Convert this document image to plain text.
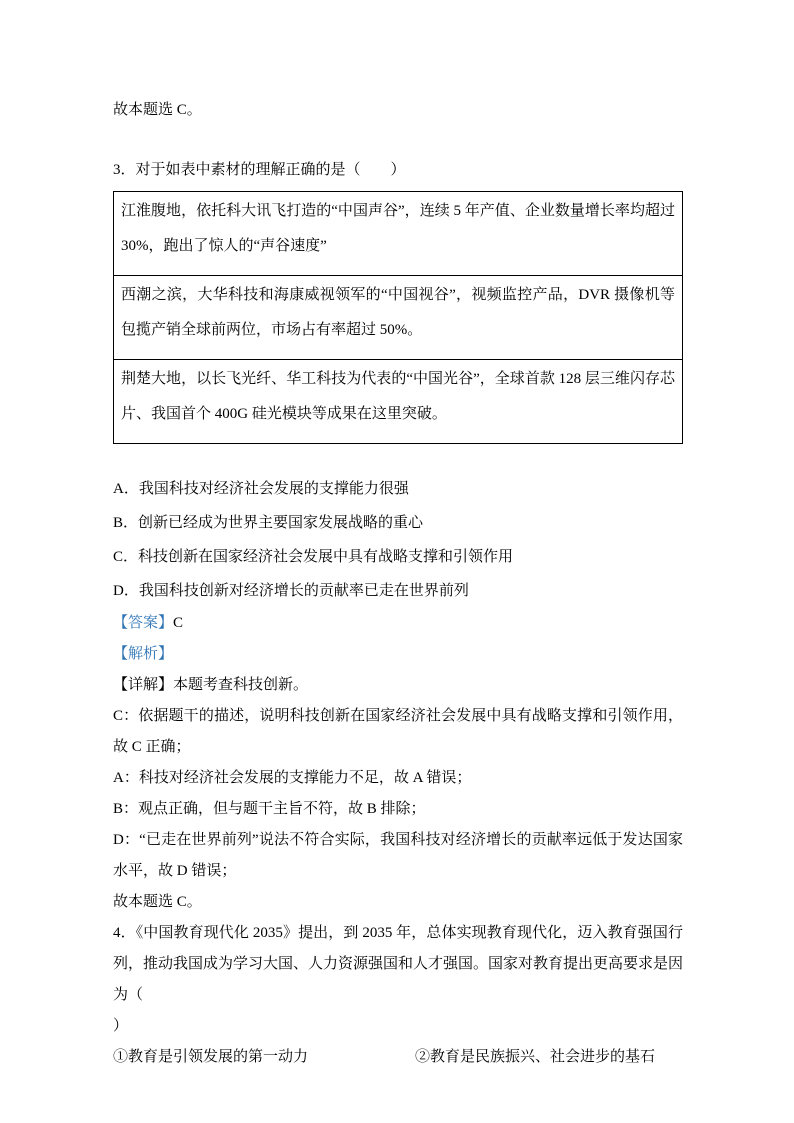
故本题选 C。

3．对于如表中素材的理解正确的是（　　）

江淮腹地，依托科大讯飞打造的“中国声谷”，连续 5 年产值、企业数量增长率均超过 30%，跑出了惊人的“声谷速度”
西潮之滨，大华科技和海康威视领军的“中国视谷”，视频监控产品，DVR 摄像机等包揽产销全球前两位，市场占有率超过 50%。
荆楚大地，以长飞光纤、华工科技为代表的“中国光谷”，全球首款 128 层三维闪存芯片、我国首个 400G 硅光模块等成果在这里突破。
A．我国科技对经济社会发展的支撑能力很强
B．创新已经成为世界主要国家发展战略的重心
C．科技创新在国家经济社会发展中具有战略支撑和引领作用
D．我国科技创新对经济增长的贡献率已走在世界前列

【答案】C

【解析】

【详解】本题考查科技创新。

C：依据题干的描述，说明科技创新在国家经济社会发展中具有战略支撑和引领作用，故 C 正确；

A：科技对经济社会发展的支撑能力不足，故 A 错误；

B：观点正确，但与题干主旨不符，故 B 排除；

D：“已走在世界前列”说法不符合实际，我国科技对经济增长的贡献率远低于发达国家水平，故 D 错误；

故本题选 C。

4．《中国教育现代化 2035》提出，到 2035 年，总体实现教育现代化，迈入教育强国行列，推动我国成为学习大国、人力资源强国和人才强国。国家对教育提出更高要求是因为（

）

①教育是引领发展的第一动力	②教育是民族振兴、社会进步的基石
